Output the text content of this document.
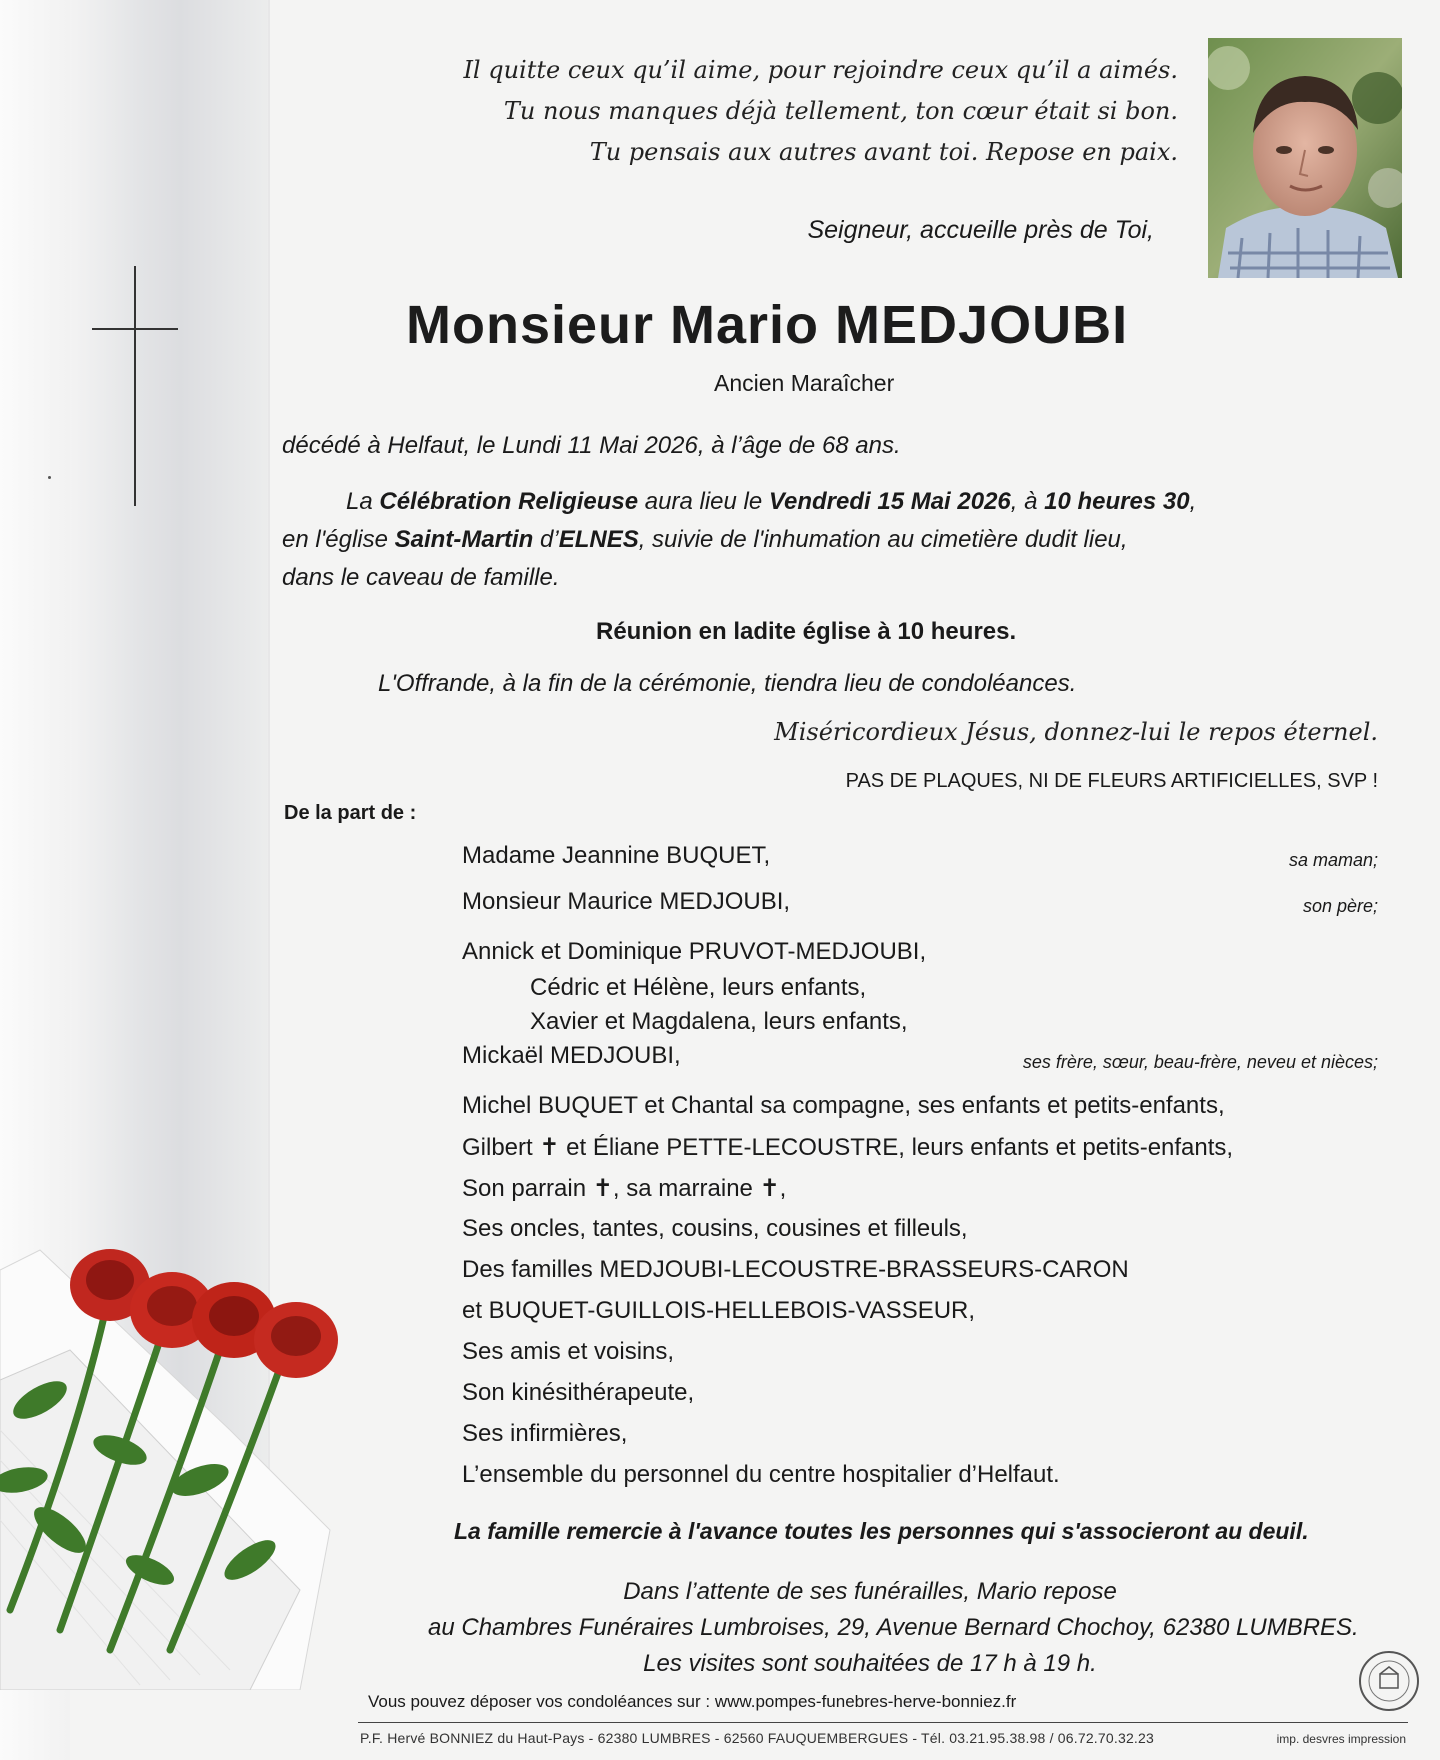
Il quitte ceux qu’il aime, pour rejoindre ceux qu’il a aimés.
Tu nous manques déjà tellement, ton cœur était si bon.
Tu pensais aux autres avant toi. Repose en paix.
Seigneur, accueille près de Toi,
Monsieur Mario MEDJOUBI
Ancien Maraîcher
décédé à Helfaut, le Lundi 11 Mai 2026, à l’âge de 68 ans.
La Célébration Religieuse aura lieu le Vendredi 15 Mai 2026, à 10 heures 30,
en l'église Saint-Martin d’ELNES, suivie de l'inhumation au cimetière dudit lieu,
dans le caveau de famille.
Réunion en ladite église à 10 heures.
L'Offrande, à la fin de la cérémonie, tiendra lieu de condoléances.
Miséricordieux Jésus, donnez-lui le repos éternel.
PAS DE PLAQUES, NI DE FLEURS ARTIFICIELLES, SVP !
De la part de :
Madame Jeannine BUQUET,	sa maman;
Monsieur Maurice MEDJOUBI,	son père;
Annick et Dominique PRUVOT-MEDJOUBI,
Cédric et Hélène, leurs enfants,
Xavier et Magdalena, leurs enfants,
Mickaël MEDJOUBI,	ses frère, sœur, beau-frère, neveu et nièces;
Michel BUQUET et Chantal sa compagne, ses enfants et petits-enfants,
Gilbert ✝ et Éliane PETTE-LECOUSTRE, leurs enfants et petits-enfants,
Son parrain ✝, sa marraine ✝,
Ses oncles, tantes, cousins, cousines et filleuls,
Des familles MEDJOUBI-LECOUSTRE-BRASSEURS-CARON
et BUQUET-GUILLOIS-HELLEBOIS-VASSEUR,
Ses amis et voisins,
Son kinésithérapeute,
Ses infirmières,
L’ensemble du personnel du centre hospitalier d’Helfaut.
La famille remercie à l'avance toutes les personnes qui s'associeront au deuil.
Dans l’attente de ses funérailles, Mario repose
au Chambres Funéraires Lumbroises, 29, Avenue Bernard Chochoy, 62380 LUMBRES.
Les visites sont souhaitées de 17 h à 19 h.
Vous pouvez déposer vos condoléances sur : www.pompes-funebres-herve-bonniez.fr
P.F. Hervé BONNIEZ du Haut-Pays - 62380 LUMBRES - 62560 FAUQUEMBERGUES - Tél. 03.21.95.38.98 / 06.72.70.32.23	imp. desvres impression
